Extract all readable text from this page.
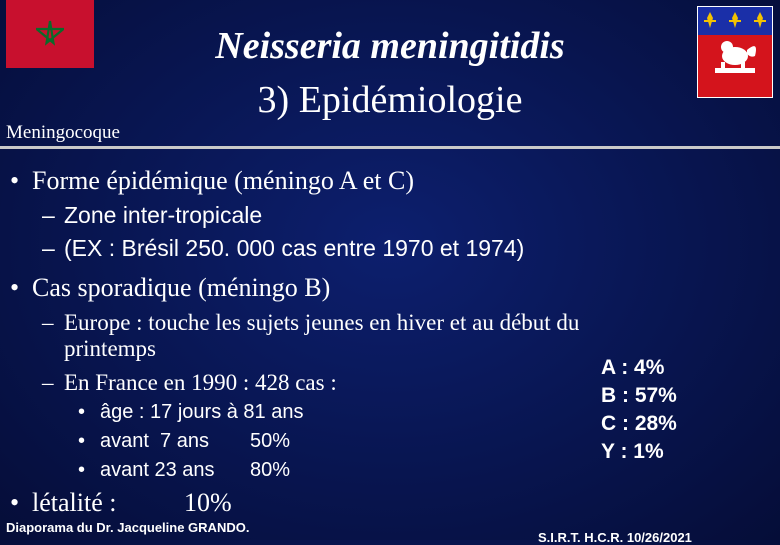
Neisseria meningitidis
3) Epidémiologie
Meningocoque
• Forme épidémique (méningo A et C)
– Zone inter-tropicale
– (EX : Brésil 250. 000 cas entre 1970 et 1974)
• Cas sporadique (méningo B)
– Europe : touche les sujets jeunes en hiver et au début du
printemps
– En France en 1990 : 428 cas :
• âge : 17 jours à 81 ans
• avant  7 ans 50%
• avant 23 ans 80%
A : 4%
B : 57%
C : 28%
Y : 1%
• létalité :	10%
Diaporama du Dr. Jacqueline GRANDO.
S.I.R.T. H.C.R. 10/26/2021
